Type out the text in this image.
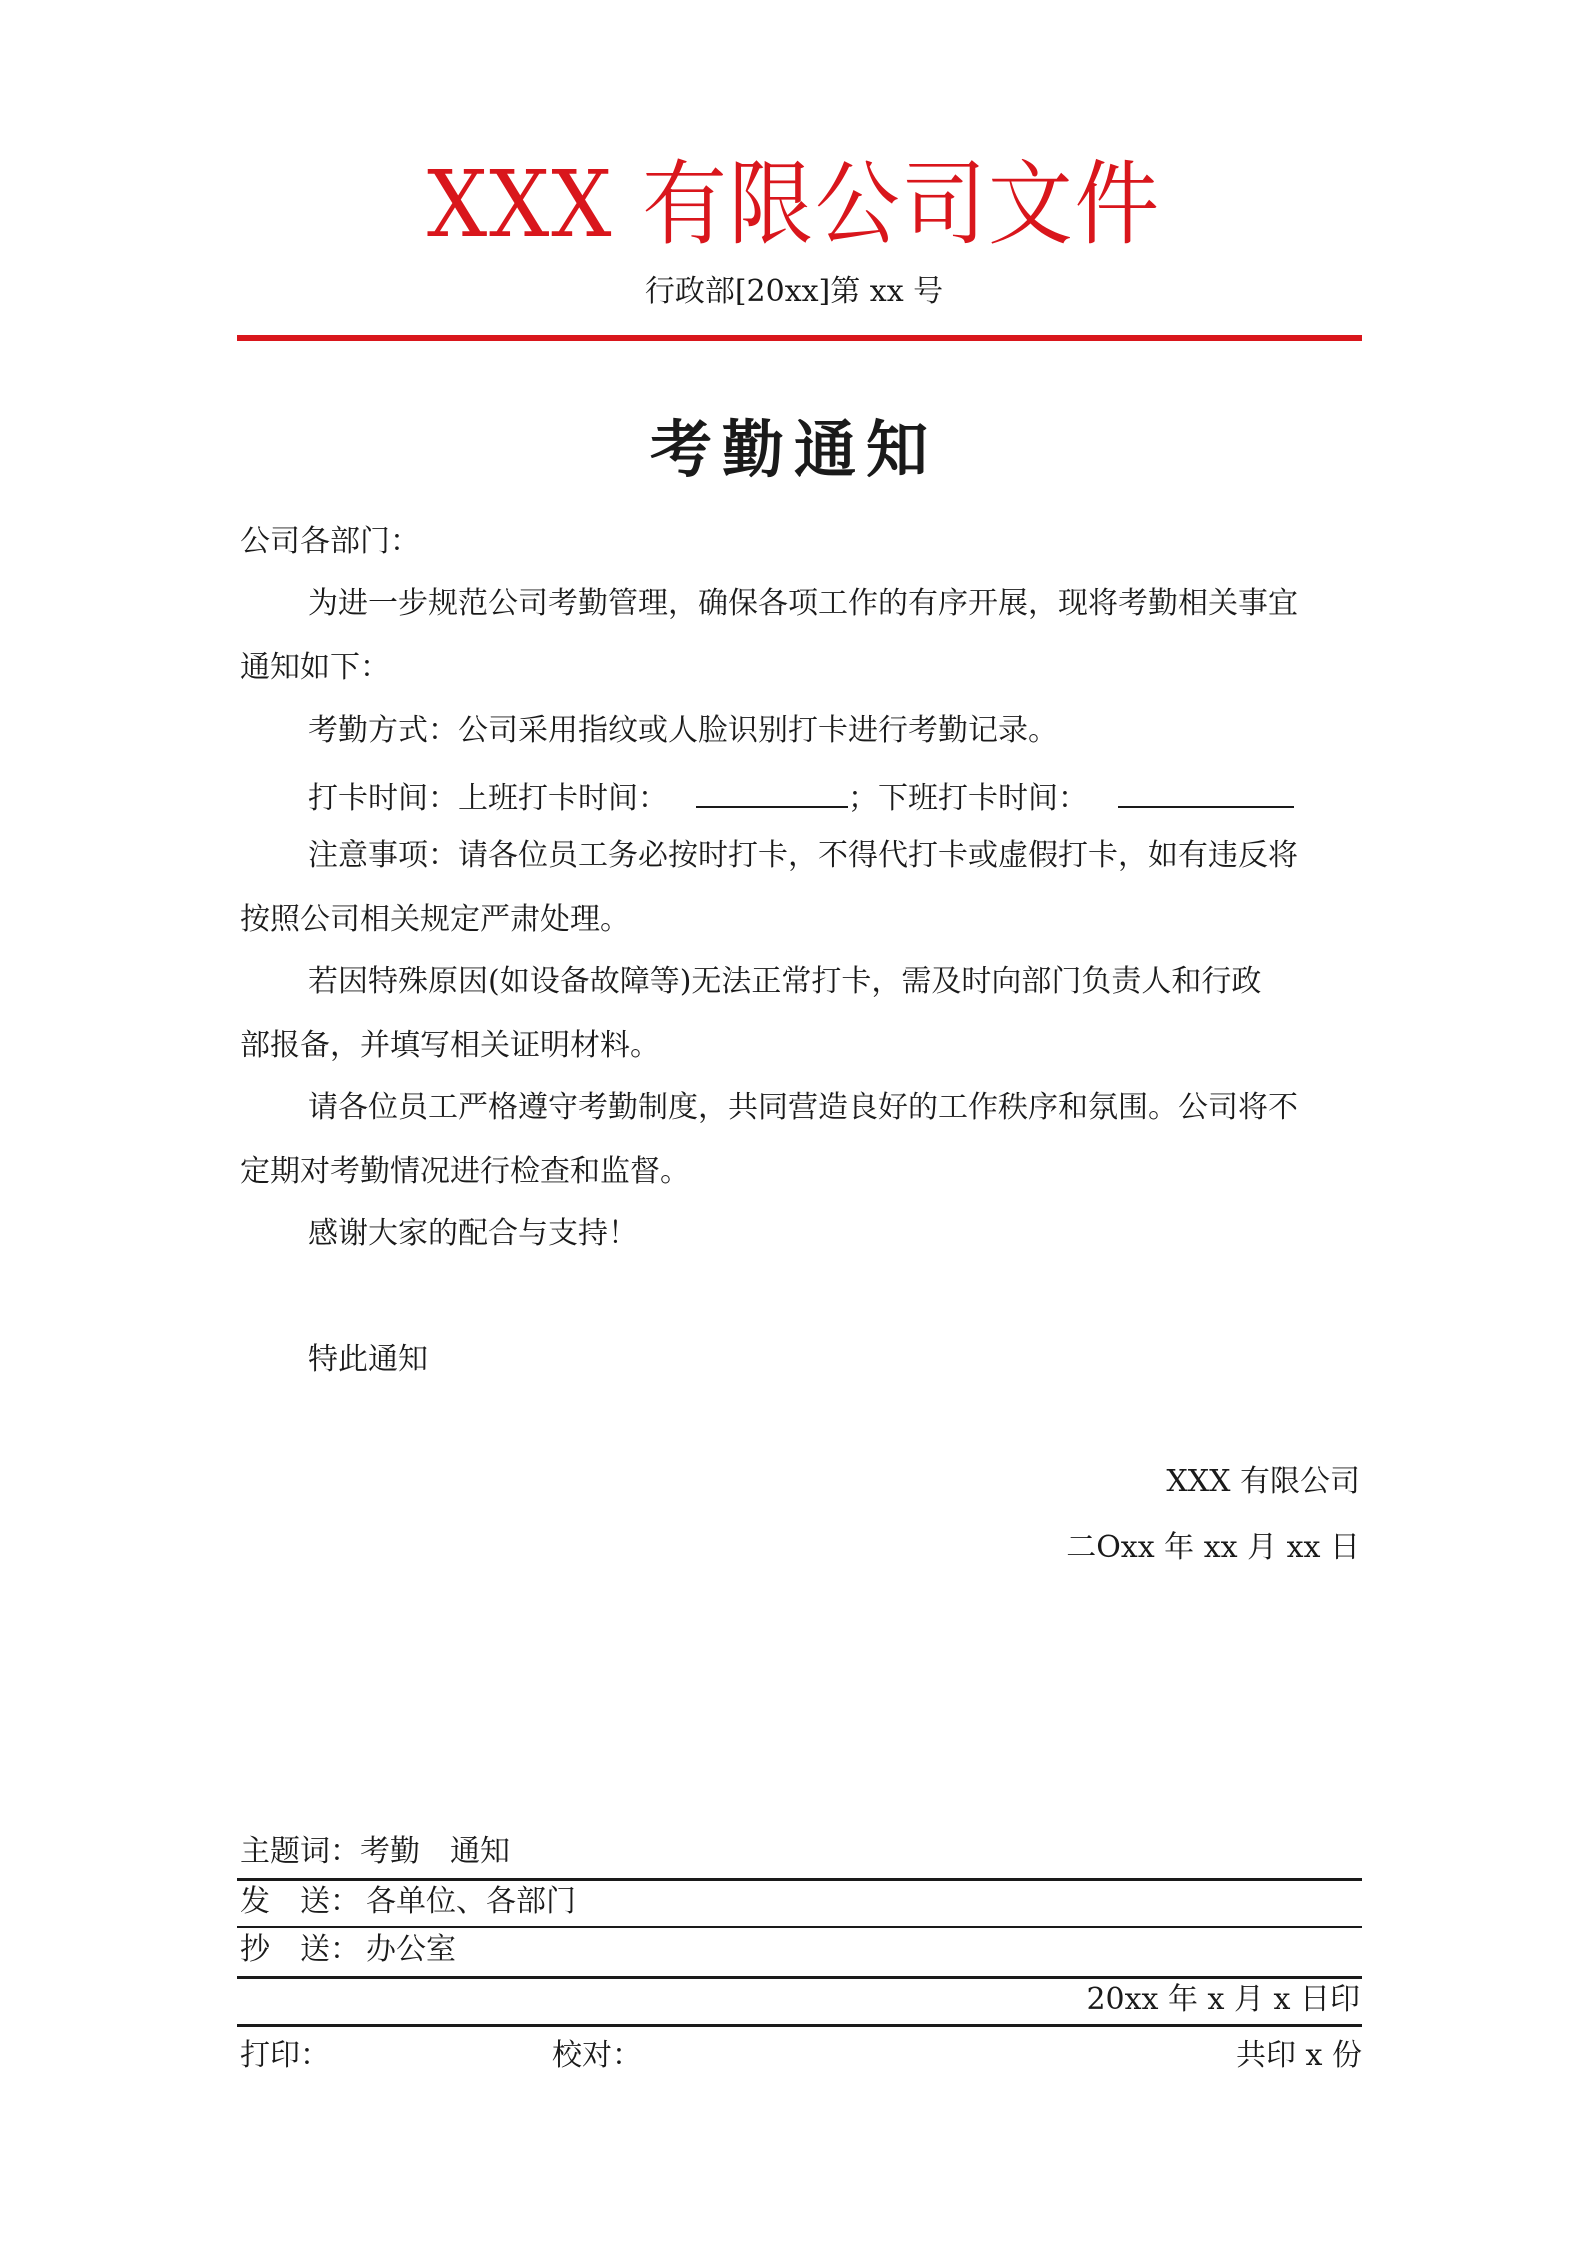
XXX 有限公司文件
行政部[20xx]第 xx 号
考勤通知
公司各部门：
为进一步规范公司考勤管理，确保各项工作的有序开展，现将考勤相关事宜
通知如下：
考勤方式：公司采用指纹或人脸识别打卡进行考勤记录。
打卡时间：上班打卡时间：	；下班打卡时间：
注意事项：请各位员工务必按时打卡，不得代打卡或虚假打卡，如有违反将
按照公司相关规定严肃处理。
若因特殊原因(如设备故障等)无法正常打卡，需及时向部门负责人和行政
部报备，并填写相关证明材料。
请各位员工严格遵守考勤制度，共同营造良好的工作秩序和氛围。公司将不
定期对考勤情况进行检查和监督。
感谢大家的配合与支持！
特此通知
XXX 有限公司
二Oxx 年 xx 月 xx 日
主题词：考勤　通知
发　送： 各单位、各部门
抄　送： 办公室
20xx 年 x 月 x 日印
打印：	校对：	共印 x 份
